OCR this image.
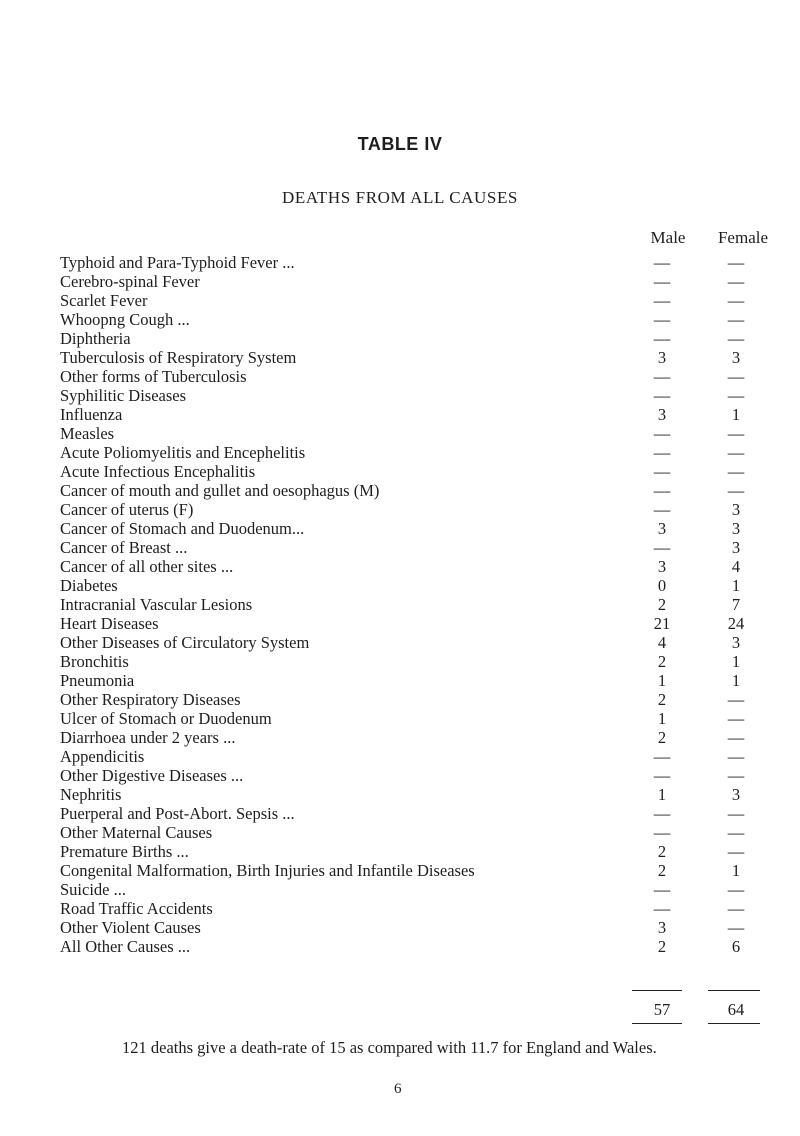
TABLE IV
DEATHS FROM ALL CAUSES
Male	Female
Typhoid and Para-Typhoid Fever ...	—	—
Cerebro-spinal Fever	—	—
Scarlet Fever	—	—
Whoopng Cough ...	—	—
Diphtheria	—	—
Tuberculosis of Respiratory System	3	3
Other forms of Tuberculosis	—	—
Syphilitic Diseases	—	—
Influenza	3	1
Measles	—	—
Acute Poliomyelitis and Encephelitis	—	—
Acute Infectious Encephalitis	—	—
Cancer of mouth and gullet and oesophagus (M)	—	—
Cancer of uterus (F)	—	3
Cancer of Stomach and Duodenum...	3	3
Cancer of Breast ...	—	3
Cancer of all other sites ...	3	4
Diabetes	0	1
Intracranial Vascular Lesions	2	7
Heart Diseases	21	24
Other Diseases of Circulatory System	4	3
Bronchitis	2	1
Pneumonia	1	1
Other Respiratory Diseases	2	—
Ulcer of Stomach or Duodenum	1	—
Diarrhoea under 2 years ...	2	—
Appendicitis	—	—
Other Digestive Diseases ...	—	—
Nephritis	1	3
Puerperal and Post-Abort. Sepsis ...	—	—
Other Maternal Causes	—	—
Premature Births ...	2	—
Congenital Malformation, Birth Injuries and Infantile Diseases	2	1
Suicide ...	—	—
Road Traffic Accidents	—	—
Other Violent Causes	3	—
All Other Causes ...	2	6
57	64
121 deaths give a death-rate of 15 as compared with 11.7 for England and Wales.
6
